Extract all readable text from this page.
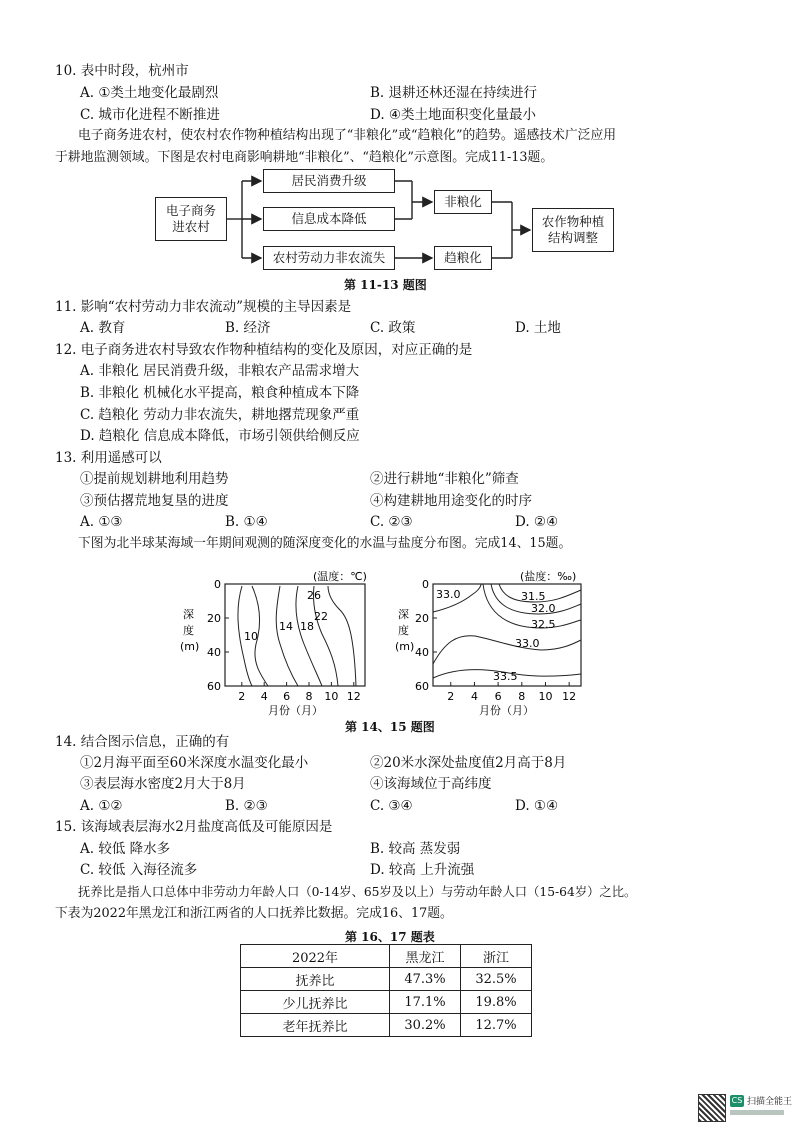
10. 表中时段，杭州市
A. ①类土地变化最剧烈	B. 退耕还林还湿在持续进行
C. 城市化进程不断推进	D. ④类土地面积变化量最小
电子商务进农村，使农村农作物种植结构出现了“非粮化”或“趋粮化”的趋势。遥感技术广泛应用
于耕地监测领域。下图是农村电商影响耕地“非粮化”、“趋粮化”示意图。完成11-13题。
电子商务进农村
居民消费升级
信息成本降低
农村劳动力非农流失
非粮化
趋粮化
农作物种植结构调整
第 11-13 题图
11. 影响“农村劳动力非农流动”规模的主导因素是
A. 教育	B. 经济	C. 政策	D. 土地
12. 电子商务进农村导致农作物种植结构的变化及原因，对应正确的是
A. 非粮化 居民消费升级，非粮农产品需求增大
B. 非粮化 机械化水平提高，粮食种植成本下降
C. 趋粮化 劳动力非农流失，耕地撂荒现象严重
D. 趋粮化 信息成本降低，市场引领供给侧反应
13. 利用遥感可以
①提前规划耕地利用趋势	②进行耕地“非粮化”筛查
③预估撂荒地复垦的进度	④构建耕地用途变化的时序
A. ①③	B. ①④	C. ②③	D. ②④
下图为北半球某海域一年期间观测的随深度变化的水温与盐度分布图。完成14、15题。
(温度：℃)
26
22
18
14
10
0
20
40
60
2 4 6 8 10 12
深
度
(m)
月份（月）
(盐度：‰)
33.0	31.5
32.0
32.5
33.0
33.5
0
20
40
60
2 4 6 8 10 12
深
度
(m)
月份（月）
第 14、15 题图
14. 结合图示信息，正确的有
①2月海平面至60米深度水温变化最小	②20米水深处盐度值2月高于8月
③表层海水密度2月大于8月	④该海域位于高纬度
A. ①②	B. ②③	C. ③④	D. ①④
15. 该海域表层海水2月盐度高低及可能原因是
A. 较低 降水多	B. 较高 蒸发弱
C. 较低 入海径流多	D. 较高 上升流强
抚养比是指人口总体中非劳动力年龄人口（0-14岁、65岁及以上）与劳动年龄人口（15-64岁）之比。
下表为2022年黑龙江和浙江两省的人口抚养比数据。完成16、17题。
第 16、17 题表
2022年	黑龙江	浙江
抚养比	47.3%	32.5%
少儿抚养比	17.1%	19.8%
老年抚养比	30.2%	12.7%
CS 扫描全能王
